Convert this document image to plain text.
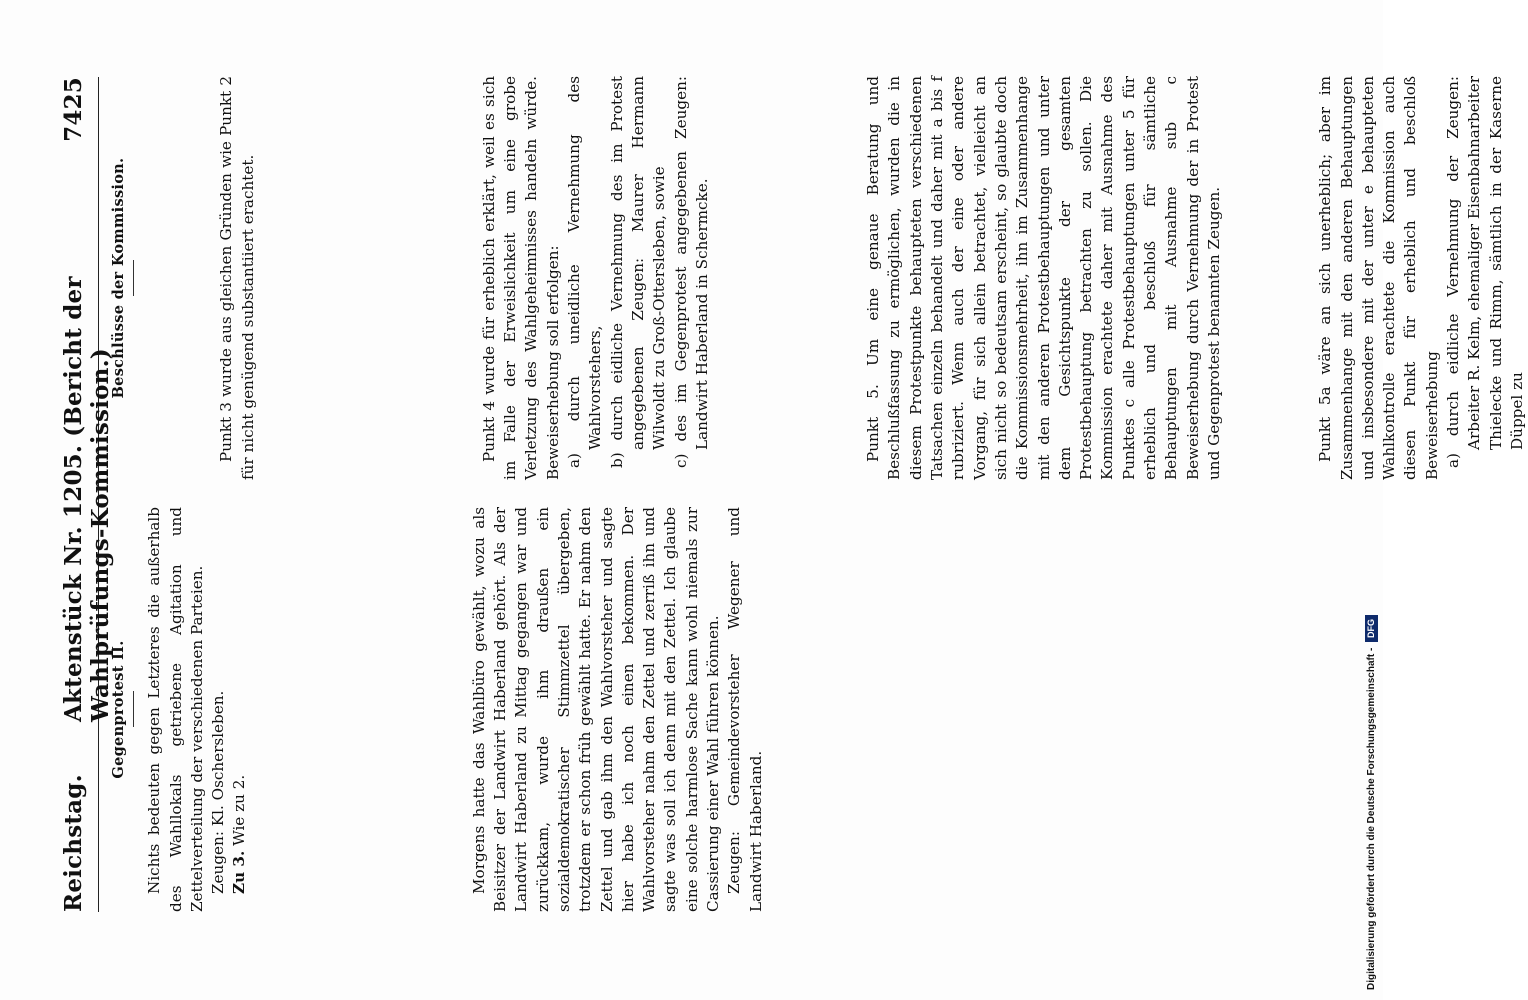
Reichstag.
Aktenstück Nr. 1205. (Bericht der Wahlprüfungs-Kommission.)
7425
Gegenprotest II. Nichts bedeuten gegen Letzteres die außerhalb des Wahllokals getriebene Agitation und Zettelverteilung der verschiedenen Parteien. Zeugen: Kl. Oschersleben. Zu 3. Wie zu 2.	Morgens hatte das Wahlbüro gewählt, wozu als Beisitzer der Landwirt Haberland gehört. Als der Landwirt Haberland zu Mittag gegangen war und zurückkam, wurde ihm draußen ein sozialdemokratischer Stimmzettel übergeben, trotzdem er schon früh gewählt hatte. Er nahm den Zettel und gab ihm den Wahlvorsteher und sagte hier habe ich noch einen bekommen. Der Wahlvorsteher nahm den Zettel und zerriß ihn und sagte was soll ich denn mit den Zettel. Ich glaube eine solche harmlose Sache kann wohl niemals zur Cassierung einer Wahl führen können. Zeugen: Gemeindevorsteher Wegener und Landwirt Haberland.

Beschlüsse der Kommission.	Punkt 3 wurde aus gleichen Gründen wie Punkt 2 für nicht genügend substantiiert erachtet.	Punkt 4 wurde für erheblich erklärt, weil es sich im Falle der Erweislichkeit um eine grobe Verletzung des Wahlgeheimnisses handeln würde. Beweiserhebung soll erfolgen: a) durch uneidliche Vernehmung des Wahlvorstehers, b) durch eidliche Vernehmung des im Protest angegebenen Zeugen: Maurer Hermann Wilwoldt zu Groß-Ottersleben, sowie c) des im Gegenprotest angegebenen Zeugen: Landwirt Haberland in Schermcke.	Punkt 5. Um eine genaue Beratung und Beschlußfassung zu ermöglichen, wurden die in diesem Protestpunkte behaupteten verschiedenen Tatsachen einzeln behandelt und daher mit a bis f rubriziert. Wenn auch der eine oder andere Vorgang, für sich allein betrachtet, vielleicht an sich nicht so bedeutsam erscheint, so glaubte doch die Kommissionsmehrheit, ihn im Zusammenhange mit den anderen Protestbehauptungen und unter dem Gesichtspunkte der gesamten Protestbehauptung betrachten zu sollen. Die Kommission erachtete daher mit Ausnahme des Punktes c alle Protestbehauptungen unter 5 für erheblich und beschloß für sämtliche Behauptungen mit Ausnahme sub c Beweiserhebung durch Vernehmung der in Protest und Gegenprotest benannten Zeugen.	Punkt 5a wäre an sich unerheblich; aber im Zusammenhange mit den anderen Behauptungen und insbesondere mit der unter e behaupteten Wahlkontrolle erachtete die Kommission auch diesen Punkt für erheblich und beschloß Beweiserhebung a) durch eidliche Vernehmung der Zeugen: Arbeiter R. Kelm, ehemaliger Eisenbahnarbeiter Thielecke und Rimm, sämtlich in der Kaserne Düppel zu

Digitalisierung gefördert durch die Deutsche Forschungsgemeinschaft - DFG
